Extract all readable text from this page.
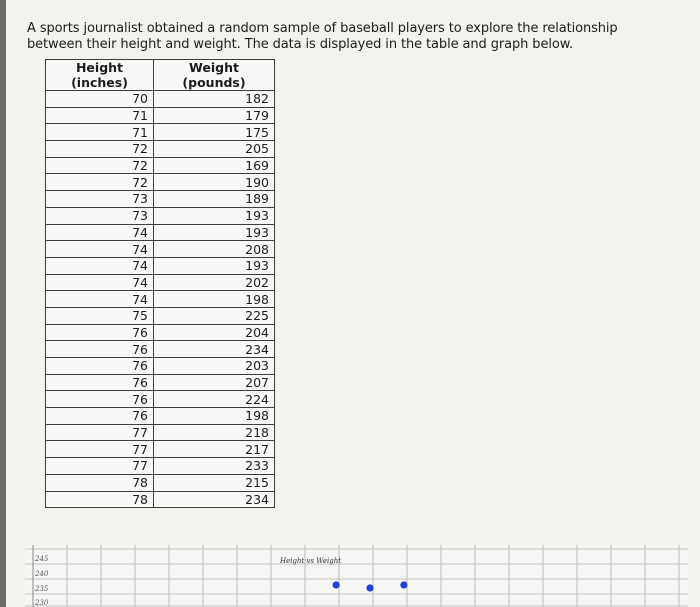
A sports journalist obtained a random sample of baseball players to explore the relationship between their height and weight. The data is displayed in the table and graph below.

Height (inches)	Weight (pounds)
70	182
71	179
71	175
72	205
72	169
72	190
73	189
73	193
74	193
74	208
74	193
74	202
74	198
75	225
76	204
76	234
76	203
76	207
76	224
76	198
77	218
77	217
77	233
78	215
78	234
Height vs Weight
245
240
235
230
